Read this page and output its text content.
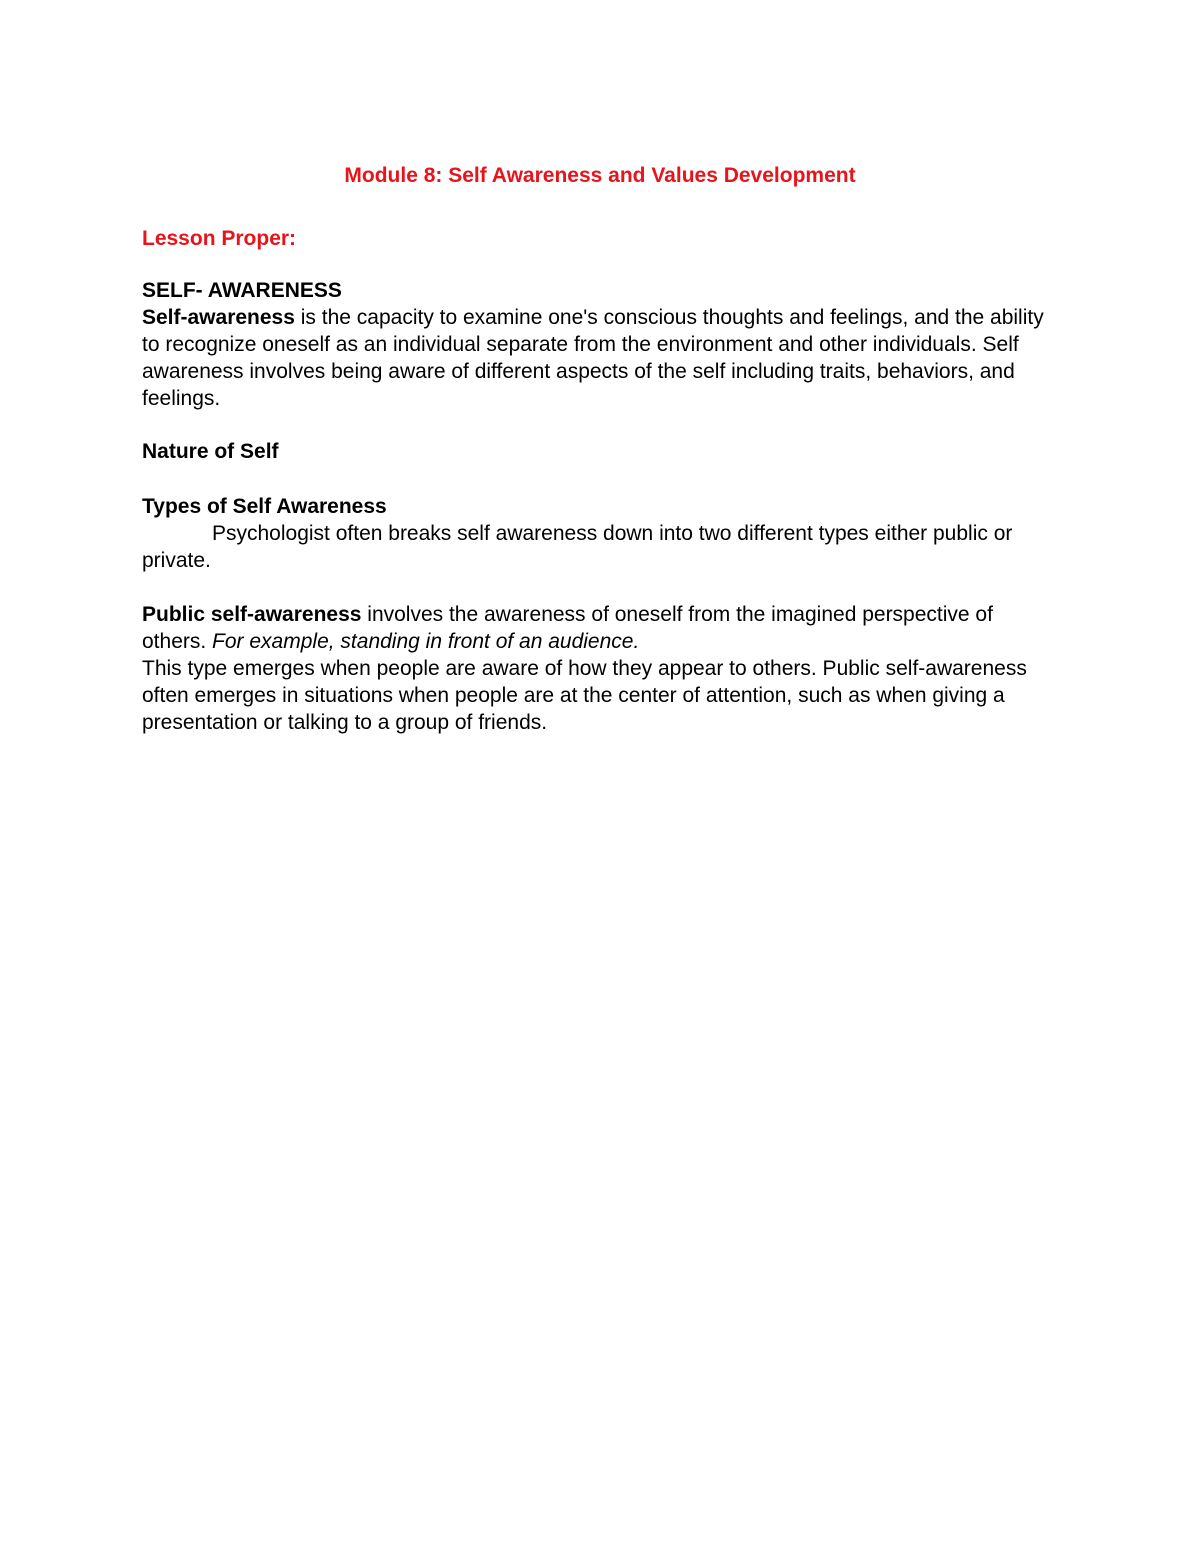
Module 8: Self Awareness and Values Development
Lesson Proper:
SELF- AWARENESS

Self-awareness is the capacity to examine one's conscious thoughts and feelings, and the ability to recognize oneself as an individual separate from the environment and other individuals. Self awareness involves being aware of different aspects of the self including traits, behaviors, and feelings.

Nature of Self
Types of Self Awareness

Psychologist often breaks self awareness down into two different types either public or private.

Public self-awareness involves the awareness of oneself from the imagined perspective of others. For example, standing in front of an audience.

This type emerges when people are aware of how they appear to others. Public self-awareness often emerges in situations when people are at the center of attention, such as when giving a presentation or talking to a group of friends.
